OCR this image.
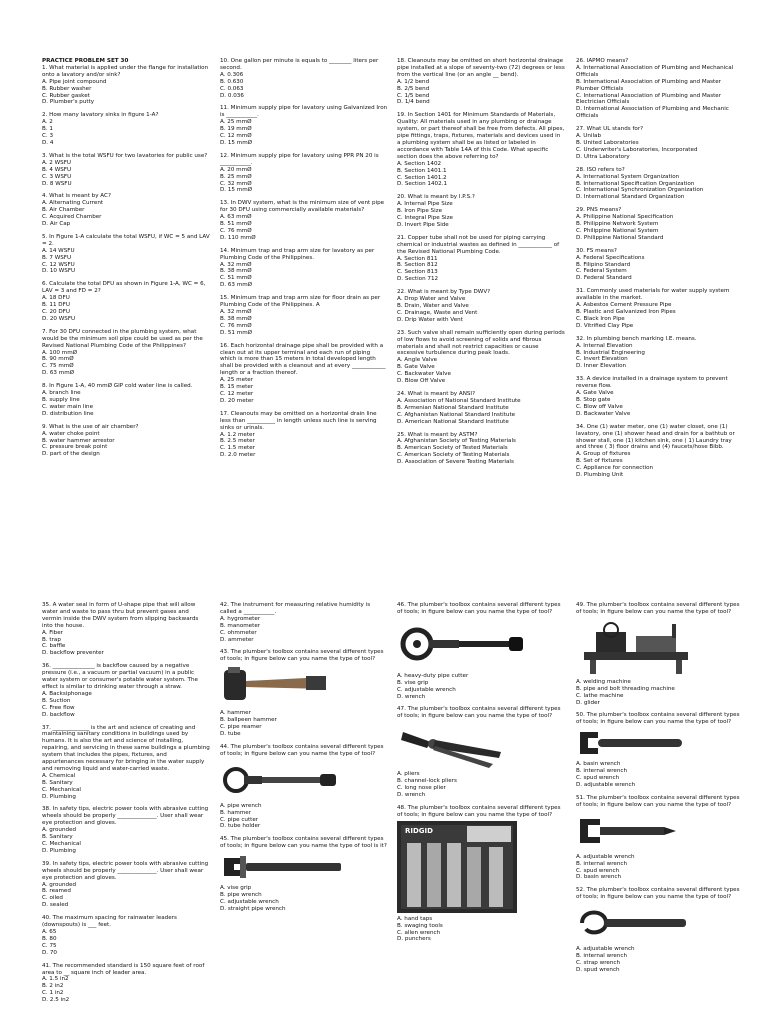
PRACTICE PROBLEM SET 30
1. What material is applied under the flange for installation onto a lavatory and/or sink?
A. Pipe joint compound
B. Rubber washer
C. Rubber gasket
D. Plumber's putty
2. How many lavatory sinks in figure 1-A?
A. 2
B. 1
C. 3
D. 4
3. What is the total WSFU for two lavatories for public use?
A. 2 WSFU
B. 4 WSFU
C. 3 WSFU
D. 8 WSFU
4. What is meant by AC?
A. Alternating Current
B. Air Chamber
C. Acquired Chamber
D. Air Cap
5. In Figure 1-A calculate the total WSFU, if WC = 5 and LAV = 2.
A. 14 WSFU
B. 7 WSFU
C. 12 WSFU
D. 10 WSFU
6. Calculate the total DFU as shown in Figure 1-A, WC = 6, LAV = 3 and FD = 2?
A. 18 DFU
B. 11 DFU
C. 20 DFU
D. 20 WSFU
7. For 30 DFU connected in the plumbing system, what would be the minimum soil pipe could be used as per the Revised National Plumbing Code of the Philippines?
A. 100 mmØ
B. 90 mmØ
C. 75 mmØ
D. 63 mmØ
8. In Figure 1-A, 40 mmØ GIP cold water line is called.
A. branch line
B. supply line
C. water main line
D. distribution line
9. What is the use of air chamber?
A. water choke point
B. water hammer arrestor
C. pressure break point
D. part of the design
10. One gallon per minute is equals to ________ liters per second.
A. 0.306
B. 0.630
C. 0.063
D. 0.036
11. Minimum supply pipe for lavatory using Galvanized Iron is ___________.
A. 25 mmØ
B. 19 mmØ
C. 12 mmØ
D. 15 mmØ
12. Minimum supply pipe for lavatory using PPR PN 20 is ___________.
A. 20 mmØ
B. 25 mmØ
C. 32 mmØ
D. 15 mmØ
13. In DWV system, what is the minimum size of vent pipe for 30 DFU using commercially available materials?
A. 63 mmØ
B. 51 mmØ
C. 76 mmØ
D. 110 mmØ
14. Minimum trap and trap arm size for lavatory as per Plumbing Code of the Philippines.
A. 32 mmØ
B. 38 mmØ
C. 51 mmØ
D. 63 mmØ
15. Minimum trap and trap arm size for floor drain as per Plumbing Code of the Philippines. A
A. 32 mmØ
B. 38 mmØ
C. 76 mmØ
D. 51 mmØ
16. Each horizontal drainage pipe shall be provided with a clean out at its upper terminal and each run of piping which is more than 15 meters in total developed length shall be provided with a cleanout and at every ____________ length or a fraction thereof.
A. 25 meter
B. 15 meter
C. 12 meter
D. 20 meter
17. Cleanouts may be omitted on a horizontal drain line less than __________ in length unless such line is serving sinks or urinals.
A. 1.2 meter
B. 2.5 meter
C. 1.5 meter
D. 2.0 meter
18. Cleanouts may be omitted on short horizontal drainage pipe installed at a slope of seventy-two (72) degrees or less from the vertical line (or an angle __ bend).
A. 1/2 bend
B. 2/5 bend
C. 1/5 bend
D. 1/4 bend
19. In Section 1401 for Minimum Standards of Materials, Quality: All materials used in any plumbing or drainage system, or part thereof shall be free from defects. All pipes, pipe fittings, traps, fixtures, materials and devices used in a plumbing system shall be as listed or labeled in accordance with Table 14A of this Code. What specific section does the above referring to?
A. Section 1402
B. Section 1401.1
C. Section 1401.2
D. Section 1402.1
20. What is meant by I.P.S.?
A. Internal Pipe Size
B. Iron Pipe Size
C. Integral Pipe Size
D. Invert Pipe Side
21. Copper tube shall not be used for piping carrying chemical or industrial wastes as defined in ____________ of the Revised National Plumbing Code.
A. Section 811
B. Section 812
C. Section 813
D. Section 712
22. What is meant by Type DWV?
A. Drop Water and Valve
B. Drain, Water and Valve
C. Drainage, Waste and Vent
D. Drip Water with Vent
23. Such valve shall remain sufficiently open during periods of low flows to avoid screening of solids and fibrous materials and shall not restrict capacities or cause excessive turbulence during peak loads.
A. Angle Valve
B. Gate Valve
C. Backwater Valve
D. Blow Off Valve
24. What is meant by ANSI?
A. Association of National Standard Institute
B. Armenian National Standard Institute
C. Afghanistan National Standard Institute
D. American National Standard Institute
25. What is meant by ASTM?
A. Afghanistan Society of Testing Materials
B. American Society of Tested Materials
C. American Society of Testing Materials
D. Association of Severe Testing Materials
26. IAPMO means?
A. International Association of Plumbing and Mechanical Officials
B. International Association of Plumbing and Master Plumber Officials
C. International Association of Plumbing and Master Electrician Officials
D. International Association of Plumbing and Mechanic Officials
27. What UL stands for?
A. Unilab
B. United Laboratories
C. Underwriter's Laboratories, Incorporated
D. Ultra Laboratory
28. ISO refers to?
A. International System Organization
B. International Specification Organization
C. International Synchronization Organization
D. International Standard Organization
29. PNS means?
A. Philippine National Specification
B. Philippine Network System
C. Philippine National System
D. Philippine National Standard
30. FS means?
A. Federal Specifications
B. Filipino Standard
C. Federal System
D. Federal Standard
31. Commonly used materials for water supply system available in the market.
A. Asbestos Cement Pressure Pipe
B. Plastic and Galvanized Iron Pipes
C. Black Iron Pipe
D. Vitrified Clay Pipe
32. In plumbing bench marking I.E. means.
A. Internal Elevation
B. Industrial Engineering
C. Invert Elevation
D. Inner Elevation
33. A device installed in a drainage system to prevent reverse flow.
A. Gate Valve
B. Stop gate
C. Blow off Valve
D. Backwater Valve
34. One (1) water meter, one (1) water closet, one (1) lavatory, one (1) shower head and drain for a bathtub or shower stall, one (1) kitchen sink, one ( 1) Laundry tray and three ( 3) floor drains and (4) faucets/hose Bibb.
A. Group of fixtures
B. Set of fixtures
C. Appliance for connection
D. Plumbing Unit
35. A water seal in form of U-shape pipe that will allow water and waste to pass thru but prevent gases and vermin inside the DWV system from slipping backwards into the house.
A. Fiber
B. trap
C. baffle
D. backflow preventer
36. _______________ is backflow caused by a negative pressure (i.e., a vacuum or partial vacuum) in a public water system or consumer's potable water system. The effect is similar to drinking water through a straw.
A. Backsiphonage
B. Suction
C. Free flow
D. backflow
37. _____________ is the art and science of creating and maintaining sanitary conditions in buildings used by humans. It is also the art and science of installing, repairing, and servicing in these same buildings a plumbing system that includes the pipes, fixtures, and appurtenances necessary for bringing in the water supply and removing liquid and water-carried waste.
A. Chemical
B. Sanitary
C. Mechanical
D. Plumbing
38. In safety tips, electric power tools with abrasive cutting wheels should be properly ______________. User shall wear eye protection and gloves.
A. grounded
B. Sanitary
C. Mechanical
D. Plumbing
39. In safety tips, electric power tools with abrasive cutting wheels should be properly ______________. User shall wear eye protection and gloves.
A. grounded
B. reamed
C. oiled
D. sealed
40. The maximum spacing for rainwater leaders (downspouts) is ___ feet.
A. 65
B. 80
C. 75
D. 70
41. The recommended standard is 150 square feet of roof area to __ square inch of leader area.
A. 1.5 in2
B. 2 in2
C. 1 in2
D. 2.5 in2
42. The instrument for measuring relative humidity is called a ___________.
A. hygrometer
B. manometer
C. ohmmeter
D. ammeter
43. The plumber's toolbox contains several different types of tools; in figure below can you name the type of tool?
A. hammer
B. ballpeen hammer
C. pipe reamer
D. tube
44. The plumber's toolbox contains several different types of tools; in figure below can you name the type of tool?
A. pipe wrench
B. hammer
C. pipe cutter
D. tube holder
45. The plumber's toolbox contains several different types of tools; in figure below can you name the type of tool is it?
A. vise grip
B. pipe wrench
C. adjustable wrench
D. straight pipe wrench
46. The plumber's toolbox contains several different types of tools; in figure below can you name the type of tool?
A. heavy-duty pipe cutter
B. vise grip
C. adjustable wrench
D. wrench
47. The plumber's toolbox contains several different types of tools; in figure below can you name the type of tool?
A. pliers
B. channel-lock pliers
C. long nose plier
D. wrench
48. The plumber's toolbox contains several different types of tools; in figure below can you name the type of tool?
RIDGID
A. hand taps
B. swaging tools
C. allen wrench
D. punchers
49. The plumber's toolbox contains several different types of tools; in figure below can you name the type of tool?
A. welding machine
B. pipe and bolt threading machine
C. lathe machine
D. glider
50. The plumber's toolbox contains several different types of tools; in figure below can you name the type of tool?
A. basin wrench
B. internal wrench
C. spud wrench
D. adjustable wrench
51. The plumber's toolbox contains several different types of tools; in figure below can you name the type of tool?
A. adjustable wrench
B. internal wrench
C. spud wrench
D. basin wrench
52. The plumber's toolbox contains several different types of tools; in figure below can you name the type of tool?
A. adjustable wrench
B. internal wrench
C. strap wrench
D. spud wrench
